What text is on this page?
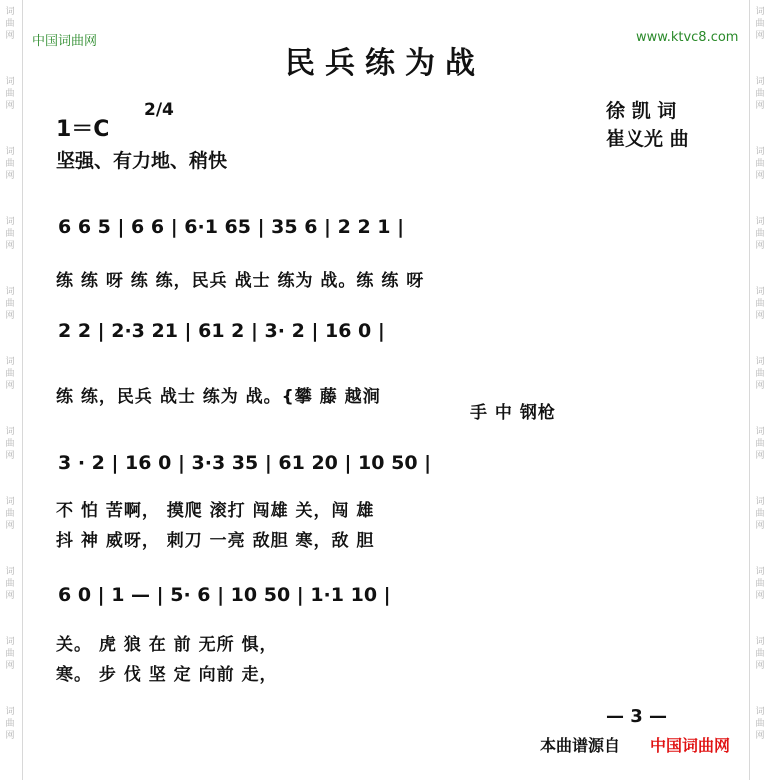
词
曲
网
词
曲
网
词
曲
网
词
曲
网
词
曲
网
词
曲
网
词
曲
网
词
曲
网
词
曲
网
词
曲
网
词
曲
网
词
曲
网
词
曲
网
词
曲
网
词
曲
网
词
曲
网
词
曲
网
词
曲
网
词
曲
网
词
曲
网
词
曲
网
词
曲
网
中国词曲网	www.ktvc8.com
民兵练为战
1＝C
2/4
坚强、有力地、稍快
徐 凯 词
崔义光 曲
6 6 5 | 6 6 | 6·1 65 | 35 6 | 2 2 1 |
练 练 呀 练 练，民兵 战士 练为 战。练 练 呀
2 2 | 2·3 21 | 61 2 | 3· 2 | 16 0 |
练 练，民兵 战士 练为 战。{攀 藤 越涧
手 中 钢枪
3 · 2 | 16 0 | 3·3 35 | 61 20 | 10 50 |
不 怕 苦啊， 摸爬 滚打 闯雄 关，闯 雄
抖 神 威呀， 刺刀 一亮 敌胆 寒，敌 胆
6 0 | 1 — | 5· 6 | 10 50 | 1·1 10 |
关。 虎 狼 在 前 无所 惧，
寒。 步 伐 坚 定 向前 走，
— 3 —
本曲谱源自 中国词曲网
